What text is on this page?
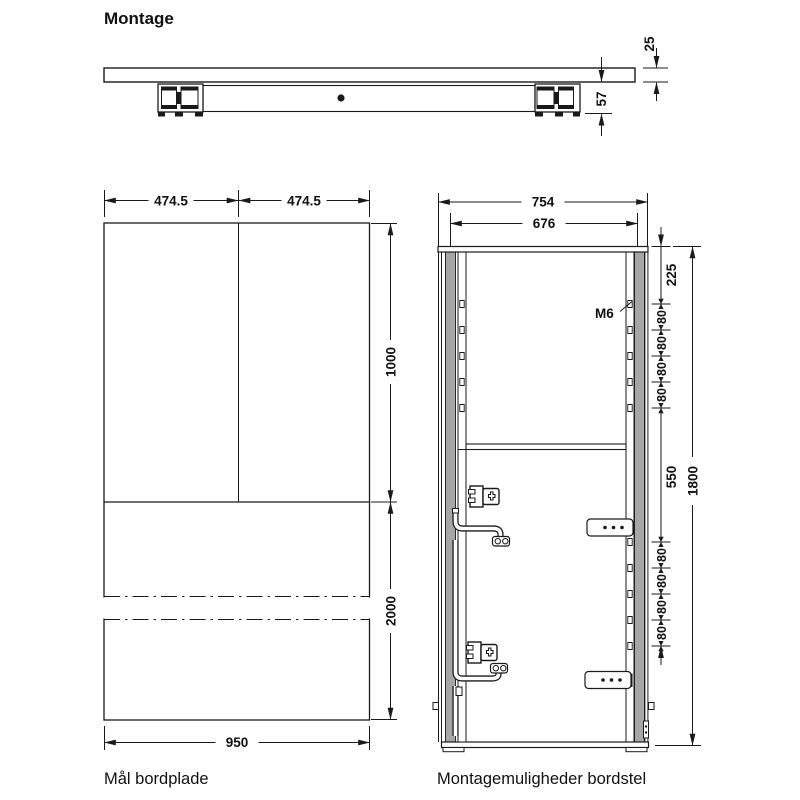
Montage
25
57
474.5	474.5
1000
2000
950
Mål bordplade
M6
754
676
225
550
80
80
80
80
80
80
80
80
1800
Montagemuligheder bordstel
